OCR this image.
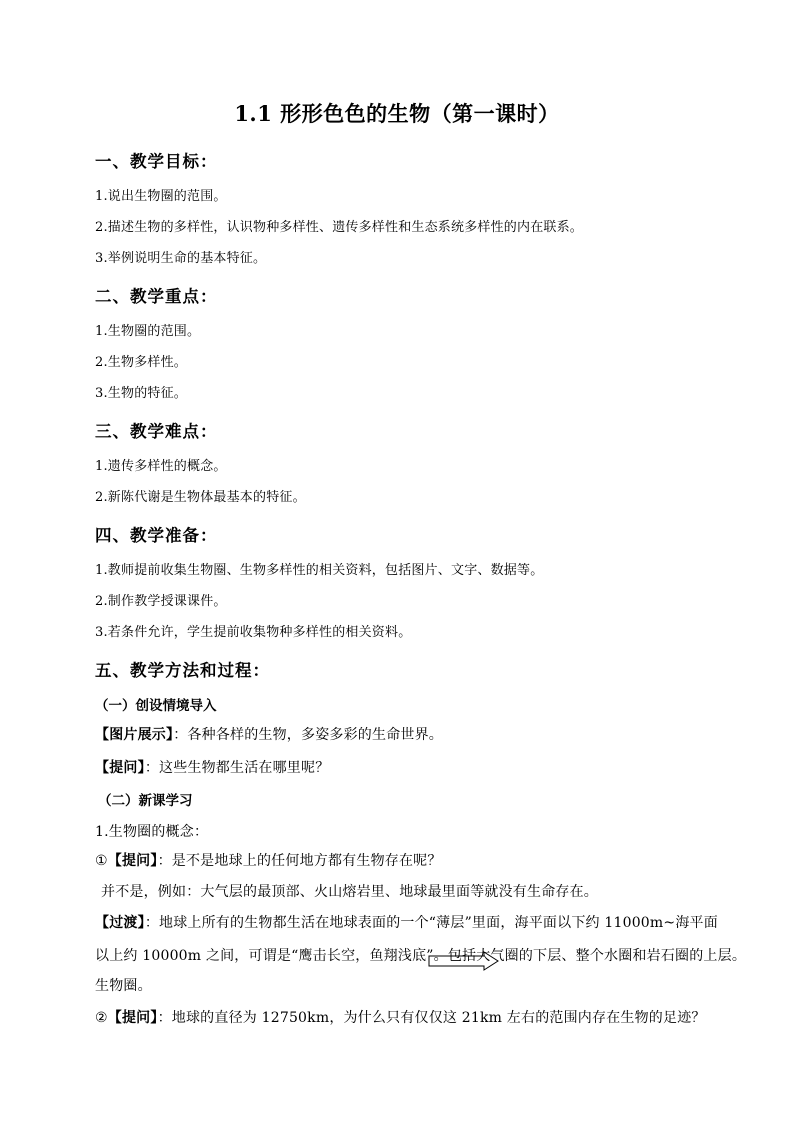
1.1 形形色色的生物（第一课时）
一、教学目标：
1.说出生物圈的范围。
2.描述生物的多样性，认识物种多样性、遗传多样性和生态系统多样性的内在联系。
3.举例说明生命的基本特征。
二、教学重点：
1.生物圈的范围。
2.生物多样性。
3.生物的特征。
三、教学难点：
1.遗传多样性的概念。
2.新陈代谢是生物体最基本的特征。
四、教学准备：
1.教师提前收集生物圈、生物多样性的相关资料，包括图片、文字、数据等。
2.制作教学授课课件。
3.若条件允许，学生提前收集物种多样性的相关资料。
五、教学方法和过程：
（一）创设情境导入
【图片展示】：各种各样的生物，多姿多彩的生命世界。
【提问】：这些生物都生活在哪里呢？
（二）新课学习
1.生物圈的概念：
①【提问】：是不是地球上的任何地方都有生物存在呢？
并不是，例如：大气层的最顶部、火山熔岩里、地球最里面等就没有生命存在。
【过渡】：地球上所有的生物都生活在地球表面的一个“薄层”里面，海平面以下约 11000m~海平面
以上约 10000m 之间，可谓是“鹰击长空，鱼翔浅底”。包括大气圈的下层、整个水圈和岩石圈的上层。
生物圈。
②【提问】：地球的直径为 12750km，为什么只有仅仅这 21km 左右的范围内存在生物的足迹？
